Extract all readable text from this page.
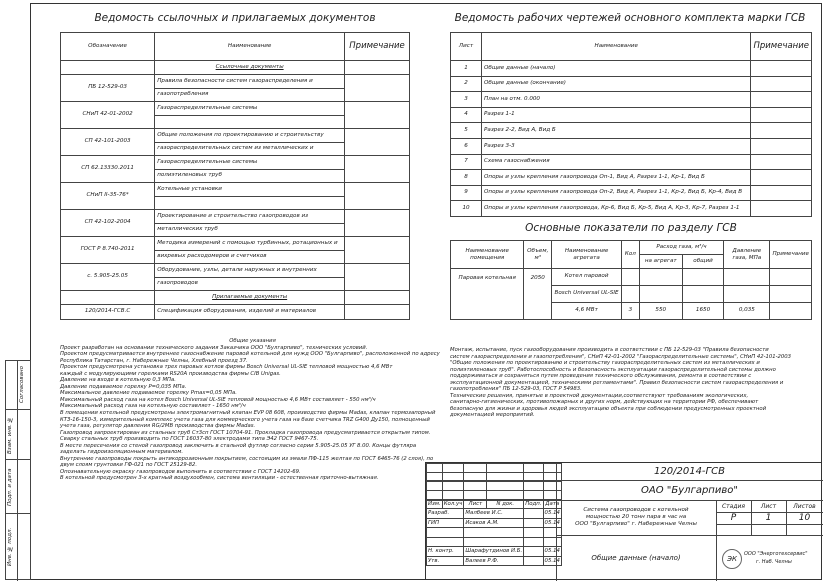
Согласовано
Взам. инв. №
Подп. и дата
Инв. № подл.
Ведомость ссылочных и прилагаемых документов
Обозначение	Наименование	Примечание
	Ссылочные документы	
ПБ 12-529-03	Правила безопасности систем газораспределения и	
	газопотребления	
СНиП 42-01-2002	Газораспределительные системы	

СП 42-101-2003	Общие положения по проектированию и строительству	
	газораспределительных систем из металлических и	
СП 62.13330.2011	Газораспределительные системы	
	полиэтиленовых труб	
СНиП II-35-76*	Котельные установки	

СП 42-102-2004	Проектирование и строительство газопроводов из	
	металлических труб	
ГОСТ Р 8.740-2011	Методика измерений с помощью турбинных, ротационных и	
	вихревых расходомеров и счетчиков	
с. 5.905-25.05	Оборудование, узлы, детали наружных и внутренних	
	газопроводов	
	Прилагаемые документы	
120/2014-ГСВ.С	Спецификация оборудования, изделий и материалов	
Ведомость рабочих чертежей основного комплекта марки ГСВ
Лист	Наименование	Примечание
1	Общие данные (начало)	
2	Общие данные (окончание)	
3	План на отм. 0.000	
4	Разрез 1-1	
5	Разрез 2-2, Вид А, Вид Б	
6	Разрез 3-3	
7	Схема газоснабжения	
8	Опоры и узлы крепления газопровода Оп-1, Вид А, Разрез 1-1, Кр-1, Вид Б	
9	Опоры и узлы крепления газопровода Оп-2, Вид А, Разрез 1-1, Кр-2, Вид Б, Кр-4, Вид В	
10	Опоры и узлы крепления газопровода, Кр-6, Вид Б, Кр-5, Вид А, Кр-3, Кр-7, Разрез 1-1	
Основные показатели по разделу ГСВ
Наименование помещения	Объем, м³	Наименование агрегата	Кол	Расход газа, м³/ч		Давление газа, МПа	Примечание
				на агрегат	общий		
Паровая котельная	2050	Котел паровой					
		Bosch Universal UL-SIE					
		4,6 МВт	3	550	1650	0,035	
Общие указания
Проект разработан на основании технического задания Заказчика ООО "Булгарпиво", технических условий.
Проектом предусматривается внутреннее газоснабжение паровой котельной для нужд ООО "Булгарпиво", расположенной по адресу
Республика Татарстан, г. Набережные Челны, Хлебный проезд 37.
Проектом предусмотрена установка трех паровых котлов фирмы Bosch Universal UL-SIE тепловой мощностью 4,6 МВт
каждый с модулирующими горелками RS20A производства фирмы CIB Unigas.
Давление на входе в котельную 0,3 МПа.
Давление подаваемое горелку Р=0,035 МПа.
Максимальное давление подаваемое горелку Pmax=0,05 МПа.
Максимальный расход газа на котел Bosch Universal UL-SIE тепловой мощностью 4,6 МВт составляет - 550 нм³/ч
Максимальный расход газа на котельную составляет - 1650 нм³/ч
В помещении котельной предусмотрены электромагнитный клапан EVP 08 608, производство фирмы Madas, клапан термозапорный
КТЗ-16-150-3, измерительный комплекс учета газа для коммерческого учета газа на базе счетчика TRZ G400 Ду150, полноценный
учета газа, регулятор давления RG/2MB производства фирмы Madas.
Газопровод запроектирован из стальных труб Ст3сп ГОСТ 10704-91. Прокладка газопровода предусматривается открытым типом.
Сварку стальных труб производить по ГОСТ 16037-80 электродами типа Э42 ГОСТ 9467-75.
В месте пересечения со стеной газопровод заключить в стальной футляр согласно серии 5.905-25.05 УГ 8.00. Концы футляра
заделать гидроизоляционным материалом.
Внутренние газопроводы покрыть антикоррозионным покрытием, состоящим из эмали ПФ-115 желтая по ГОСТ 6465-76 (2 слоя), по
двум слоям грунтовки ГФ-021 по ГОСТ 25129-82.
Опознавательную окраску газопроводов выполнить в соответствии с ГОСТ 14202-69.
В котельной предусмотрен 3-х кратный воздухообмен, система вентиляции - естественная приточно-вытяжная.
Монтаж, испытание, пуск газооборудования производить в соответствии с ПБ 12-529-03 "Правила безопасности
систем газораспределения и газопотребления", СНиП 42-01-2002 "Газораспределительные системы", СНиП 42-101-2003
"Общие положения по проектированию и строительству газораспределительных систем из металлических и
полиэтиленовых труб". Работоспособность и безопасность эксплуатации газораспределительной системы должно
поддерживаться и сохраняться путем проведения технического обслуживания, ремонта в соответствии с
эксплуатационной документацией, техническими регламентами". Правил безопасности систем газораспределения и
газопотребления" ПБ 12-529-03, ГОСТ Р 54983.
Технические решения, принятые в проектной документации,соответствуют требованиям экологических,
санитарно-гигиенических, противопожарных и других норм, действующих на территории РФ, обеспечивают
безопасную для жизни и здоровья людей эксплуатацию объекта при соблюдении предусмотренных проектной
документацией мероприятий.
120/2014-ГСВ
ОАО "Булгарпиво"
Стадия	Лист	Листов
Р	1	10
Система газопроводов с котельной
мощностью 20 тонн пара в час на
ООО "Булгарпиво" г. Набережные Челны
Общие данные (начало)	ЭК
ООО "Энерготехсервис"
г. Наб. Челны

Изм.	Кол.уч	Лист	N док.	Подп.	Дата
Разраб.		Малбеев И.С.			05.14
ГИП		Исаков А.М.			05.14

Н. контр.		Шарафутдинов И.Б.			05.14
Утв.		Валеев Р.Ф.			05.14
